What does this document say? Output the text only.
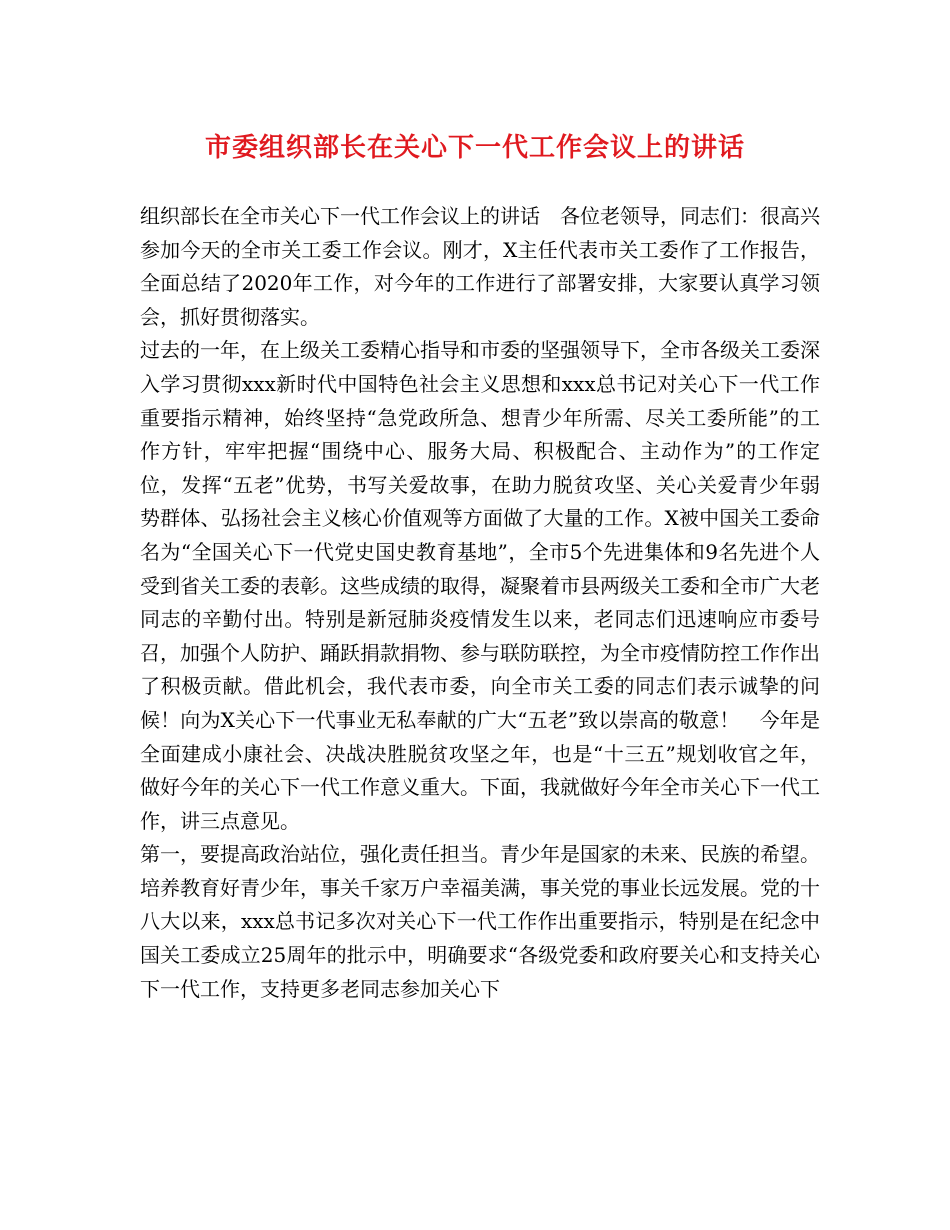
市委组织部长在关心下一代工作会议上的讲话

组织部长在全市关心下一代工作会议上的讲话　各位老领导，同志们：很高兴参加今天的全市关工委工作会议。刚才，X主任代表市关工委作了工作报告，全面总结了2020年工作，对今年的工作进行了部署安排，大家要认真学习领会，抓好贯彻落实。

过去的一年，在上级关工委精心指导和市委的坚强领导下，全市各级关工委深入学习贯彻xxx新时代中国特色社会主义思想和xxx总书记对关心下一代工作重要指示精神，始终坚持“急党政所急、想青少年所需、尽关工委所能”的工作方针，牢牢把握“围绕中心、服务大局、积极配合、主动作为”的工作定位，发挥“五老”优势，书写关爱故事，在助力脱贫攻坚、关心关爱青少年弱势群体、弘扬社会主义核心价值观等方面做了大量的工作。X被中国关工委命名为“全国关心下一代党史国史教育基地”，全市5个先进集体和9名先进个人受到省关工委的表彰。这些成绩的取得，凝聚着市县两级关工委和全市广大老同志的辛勤付出。特别是新冠肺炎疫情发生以来，老同志们迅速响应市委号召，加强个人防护、踊跃捐款捐物、参与联防联控，为全市疫情防控工作作出了积极贡献。借此机会，我代表市委，向全市关工委的同志们表示诚挚的问候！向为X关心下一代事业无私奉献的广大“五老”致以崇高的敬意！　今年是全面建成小康社会、决战决胜脱贫攻坚之年，也是“十三五”规划收官之年，做好今年的关心下一代工作意义重大。下面，我就做好今年全市关心下一代工作，讲三点意见。

第一，要提高政治站位，强化责任担当。青少年是国家的未来、民族的希望。培养教育好青少年，事关千家万户幸福美满，事关党的事业长远发展。党的十八大以来，xxx总书记多次对关心下一代工作作出重要指示，特别是在纪念中国关工委成立25周年的批示中，明确要求“各级党委和政府要关心和支持关心下一代工作，支持更多老同志参加关心下
